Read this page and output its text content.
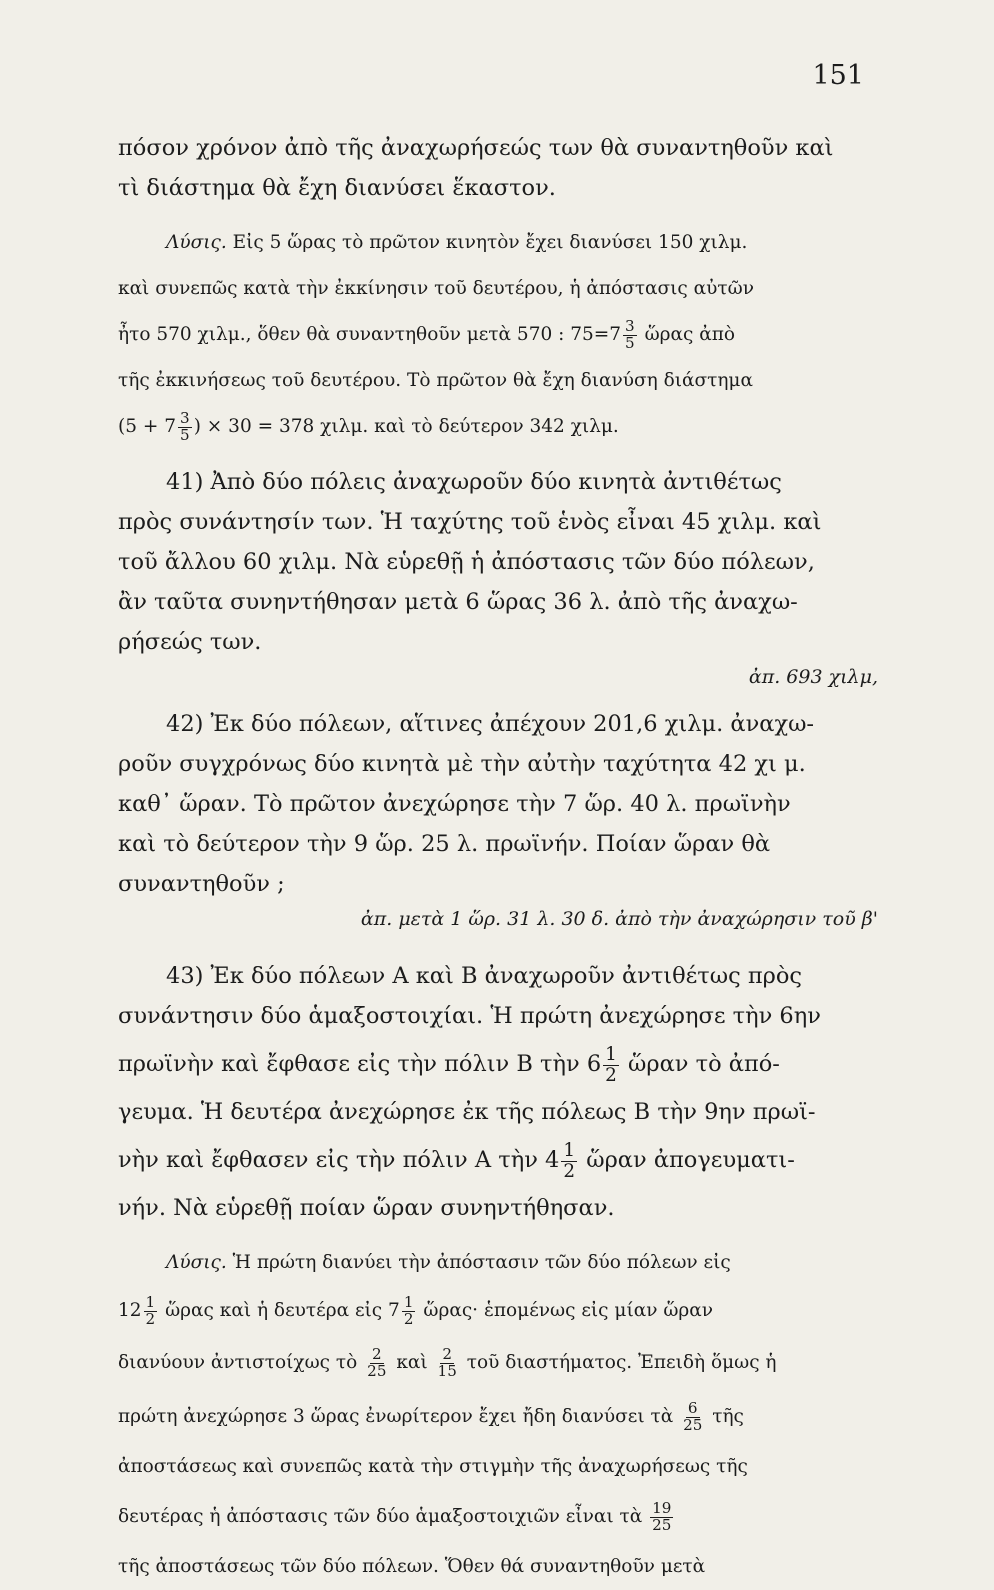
151
πόσον χρόνον ἀπὸ τῆς ἀναχωρήσεώς των θὰ συναντηθοῦν καὶ
τὶ διάστημα θὰ ἔχη διανύσει ἕκαστον.
Λύσις. Εἰς 5 ὥρας τὸ πρῶτον κινητὸν ἔχει διανύσει 150 χιλμ.
καὶ συνεπῶς κατὰ τὴν ἐκκίνησιν τοῦ δευτέρου, ἡ ἀπόστασις αὐτῶν
ἦτο 570 χιλμ., ὅθεν θὰ συναντηθοῦν μετὰ 570 : $75=7 \frac{3}{5}$ ὥρας ἀπὸ
τῆς ἐκκινήσεως τοῦ δευτέρου. Τὸ πρῶτον θὰ ἔχη διανύση διάστημα
($5 + 7 \frac{3}{5}$ ) × 30 = 378 χιλμ. καὶ τὸ δεύτερον 342 χιλμ.
41) Ἀπὸ δύο πόλεις ἀναχωροῦν δύο κινητὰ ἀντιθέτως
πρὸς συνάντησίν των. Ἡ ταχύτης τοῦ ἑνὸς εἶναι 45 χιλμ. καὶ
τοῦ ἄλλου 60 χιλμ. Νὰ εὑρεθῇ ἡ ἀπόστασις τῶν δύο πόλεων,
ἂν ταῦτα συνηντήθησαν μετὰ 6 ὥρας 36 λ. ἀπὸ τῆς ἀναχω-
ρήσεώς των.
ἀπ. 693 χιλμ,
42) Ἐκ δύο πόλεων, αἵτινες ἀπέχουν 201,6 χιλμ. ἀναχω-
ροῦν συγχρόνως δύο κινητὰ μὲ τὴν αὐτὴν ταχύτητα 42 χι μ.
καθ᾽ ὥραν. Τὸ πρῶτον ἀνεχώρησε τὴν 7 ὥρ. 40 λ. πρωϊνὴν
καὶ τὸ δεύτερον τὴν 9 ὥρ. 25 λ. πρωϊνήν. Ποίαν ὥραν θὰ
συναντηθοῦν ;
ἀπ. μετὰ 1 ὥρ. 31 λ. 30 δ. ἀπὸ τὴν ἀναχώρησιν τοῦ β'
43) Ἐκ δύο πόλεων Α καὶ Β ἀναχωροῦν ἀντιθέτως πρὸς
συνάντησιν δύο ἁμαξοστοιχίαι. Ἡ πρώτη ἀνεχώρησε τὴν 6ην
πρωϊνὴν καὶ ἔφθασε εἰς τὴν πόλιν Β τὴν $6 \frac{1}{2}$ ὥραν τὸ ἀπό-
γευμα. Ἡ δευτέρα ἀνεχώρησε ἐκ τῆς πόλεως Β τὴν 9ην πρωϊ-
νὴν καὶ ἔφθασεν εἰς τὴν πόλιν Α τὴν $4 \frac{1}{2}$ ὥραν ἀπογευματι-
νήν. Νὰ εὑρεθῇ ποίαν ὥραν συνηντήθησαν.
Λύσις. Ἡ πρώτη διανύει τὴν ἀπόστασιν τῶν δύο πόλεων εἰς
$12 \frac{1}{2}$ ὥρας καὶ ἡ δευτέρα εἰς $7 \frac{1}{2}$ ὥρας· ἑπομένως εἰς μίαν ὥραν
διανύουν ἀντιστοίχως τὸ $\frac{2}{25}$ καὶ $\frac{2}{15}$ τοῦ διαστήματος. Ἐπειδὴ ὅμως ἡ
πρώτη ἀνεχώρησε 3 ὥρας ἐνωρίτερον ἔχει ἤδη διανύσει τὰ $\frac{6}{25}$ τῆς
ἀποστάσεως καὶ συνεπῶς κατὰ τὴν στιγμὴν τῆς ἀναχωρήσεως τῆς
δευτέρας ἡ ἀπόστασις τῶν δύο ἁμαξοστοιχιῶν εἶναι τὰ $\frac{19}{25}$
τῆς ἀποστάσεως τῶν δύο πόλεων. Ὅθεν θά συναντηθοῦν μετὰ
